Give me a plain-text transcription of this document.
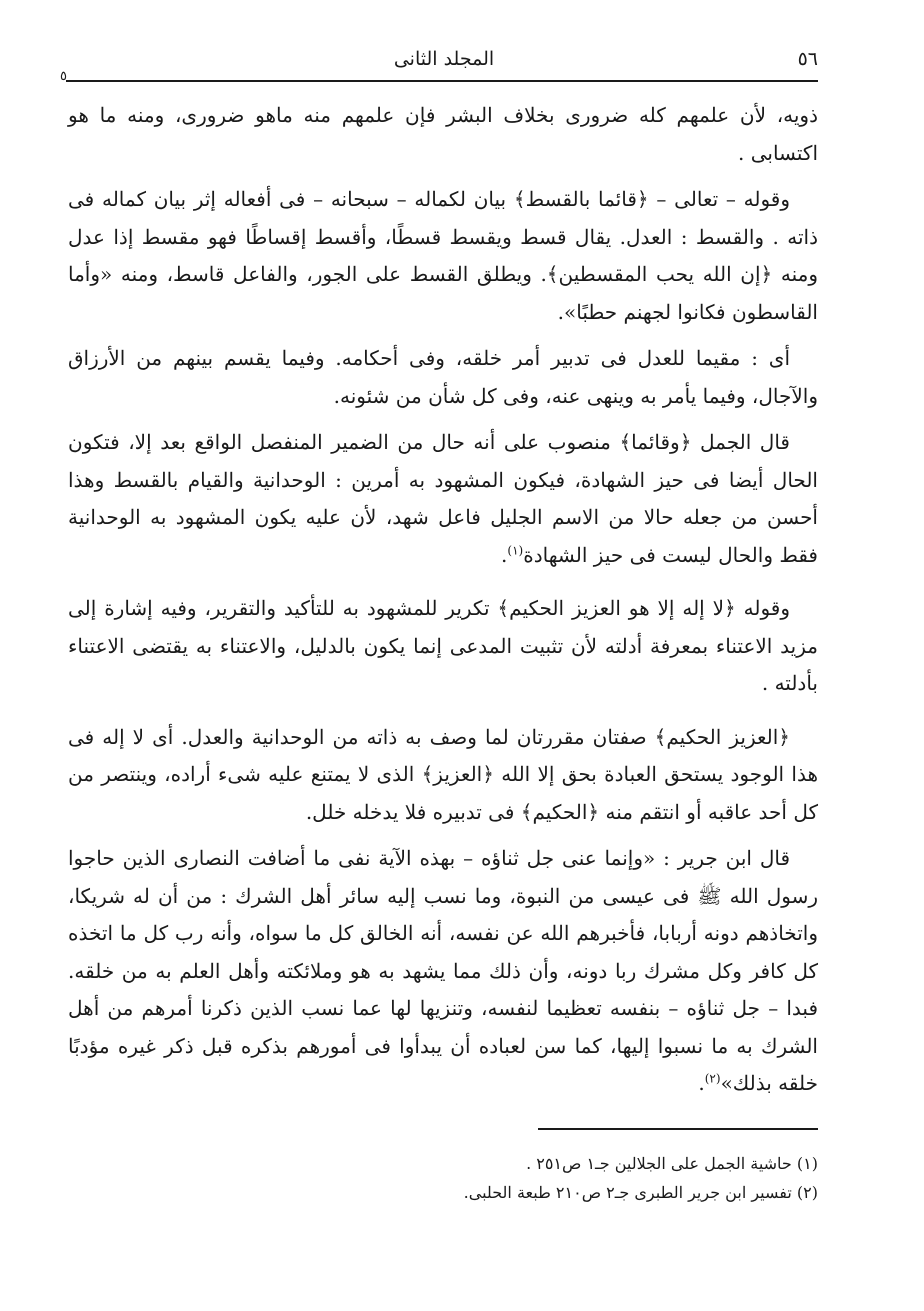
٥٦
المجلد الثانى
٥

ذويه، لأن علمهم كله ضرورى بخلاف البشر فإن علمهم منه ماهو ضرورى، ومنه ما هو اكتسابى .

وقوله – تعالى – ﴿قائما بالقسط﴾ بيان لكماله – سبحانه – فى أفعاله إثر بيان كماله فى ذاته . والقسط : العدل. يقال قسط ويقسط قسطًا، وأقسط إقساطًا فهو مقسط إذا عدل ومنه ﴿إن الله يحب المقسطين﴾. ويطلق القسط على الجور، والفاعل قاسط، ومنه «وأما القاسطون فكانوا لجهنم حطبًا».

أى : مقيما للعدل فى تدبير أمر خلقه، وفى أحكامه. وفيما يقسم بينهم من الأرزاق والآجال، وفيما يأمر به وينهى عنه، وفى كل شأن من شئونه.

قال الجمل ﴿وقائما﴾ منصوب على أنه حال من الضمير المنفصل الواقع بعد إلا، فتكون الحال أيضا فى حيز الشهادة، فيكون المشهود به أمرين : الوحدانية والقيام بالقسط وهذا أحسن من جعله حالا من الاسم الجليل فاعل شهد، لأن عليه يكون المشهود به الوحدانية فقط والحال ليست فى حيز الشهادة$^{(١)}$.

وقوله ﴿لا إله إلا هو العزيز الحكيم﴾ تكرير للمشهود به للتأكيد والتقرير، وفيه إشارة إلى مزيد الاعتناء بمعرفة أدلته لأن تثبيت المدعى إنما يكون بالدليل، والاعتناء به يقتضى الاعتناء بأدلته .

﴿العزيز الحكيم﴾ صفتان مقررتان لما وصف به ذاته من الوحدانية والعدل. أى لا إله فى هذا الوجود يستحق العبادة بحق إلا الله ﴿العزيز﴾ الذى لا يمتنع عليه شىء أراده، وينتصر من كل أحد عاقبه أو انتقم منه ﴿الحكيم﴾ فى تدبيره فلا يدخله خلل.

قال ابن جرير : «وإنما عنى جل ثناؤه – بهذه الآية نفى ما أضافت النصارى الذين حاجوا رسول الله ﷺ فى عيسى من النبوة، وما نسب إليه سائر أهل الشرك : من أن له شريكا، واتخاذهم دونه أربابا، فأخبرهم الله عن نفسه، أنه الخالق كل ما سواه، وأنه رب كل ما اتخذه كل كافر وكل مشرك ربا دونه، وأن ذلك مما يشهد به هو وملائكته وأهل العلم به من خلقه. فبدا – جل ثناؤه – بنفسه تعظيما لنفسه، وتنزيها لها عما نسب الذين ذكرنا أمرهم من أهل الشرك به ما نسبوا إليها، كما سن لعباده أن يبدأوا فى أمورهم بذكره قبل ذكر غيره مؤدبًا خلقه بذلك»$^{(٢)}$.

(١) حاشية الجمل على الجلالين جـ١ ص٢٥١ .

(٢) تفسير ابن جرير الطبرى جـ٢ ص٢١٠ طبعة الحلبى.
